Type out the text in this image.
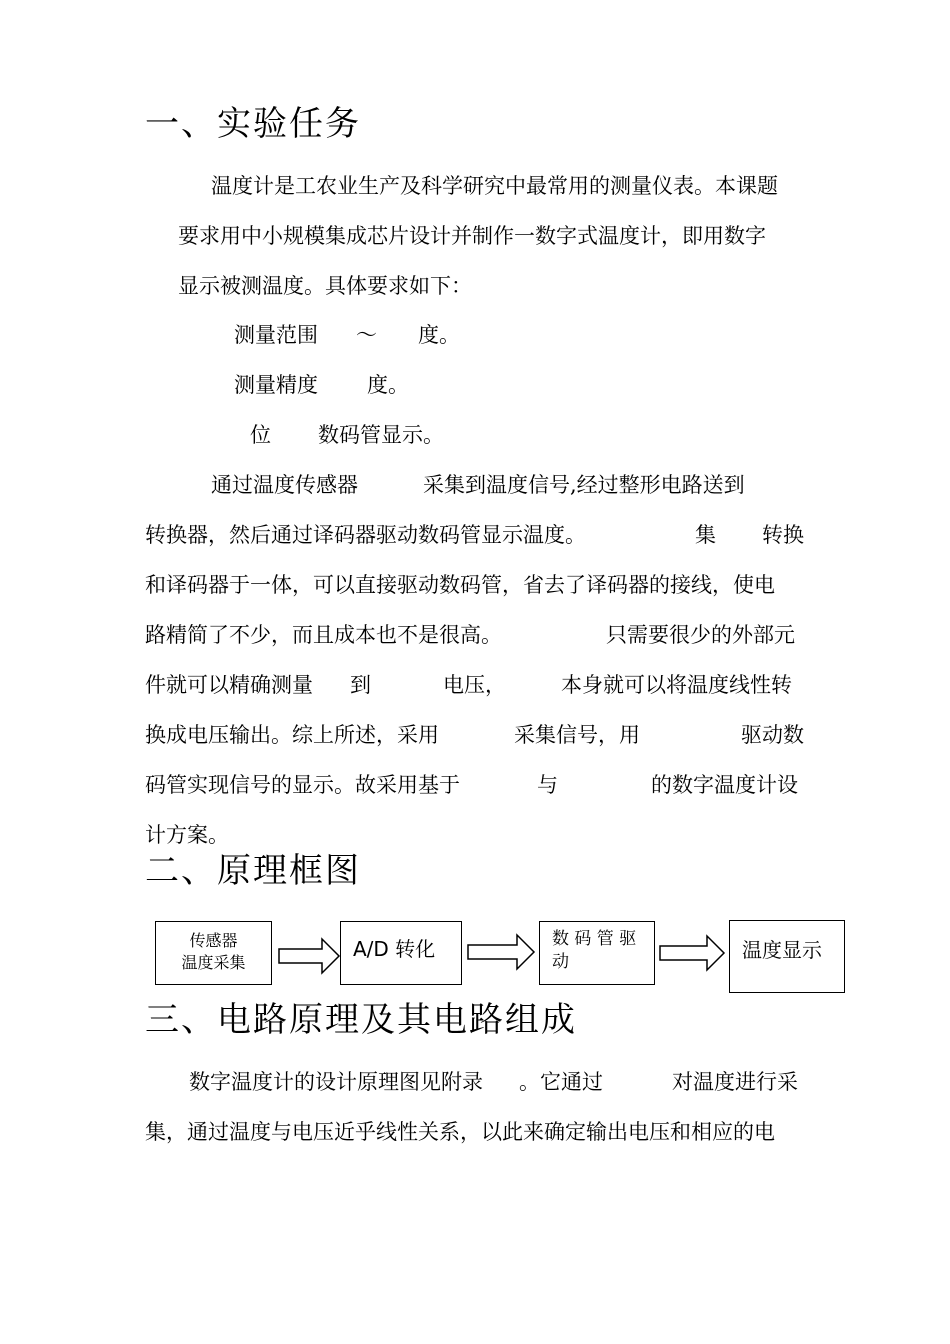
一、实验任务
温度计是工农业生产及科学研究中最常用的测量仪表。本课题
要求用中小规模集成芯片设计并制作一数字式温度计，即用数字
显示被测温度。具体要求如下：
测量范围 ～ 度。
测量精度 度。
位 数码管显示。
通过温度传感器	采集到温度信号,经过整形电路送到
转换器，然后通过译码器驱动数码管显示温度。	集 转换
和译码器于一体，可以直接驱动数码管，省去了译码器的接线，使电
路精简了不少，而且成本也不是很高。	只需要很少的外部元
件就可以精确测量 到	电压，	本身就可以将温度线性转
换成电压输出。综上所述，采用	采集信号，用	驱动数
码管实现信号的显示。故采用基于	与	的数字温度计设
计方案。
二、原理框图
传感器
温度采集
A/D 转化	数 码 管 驱
动	温度显示
三、电路原理及其电路组成
数字温度计的设计原理图见附录 。它通过	对温度进行采
集，通过温度与电压近乎线性关系，以此来确定输出电压和相应的电
